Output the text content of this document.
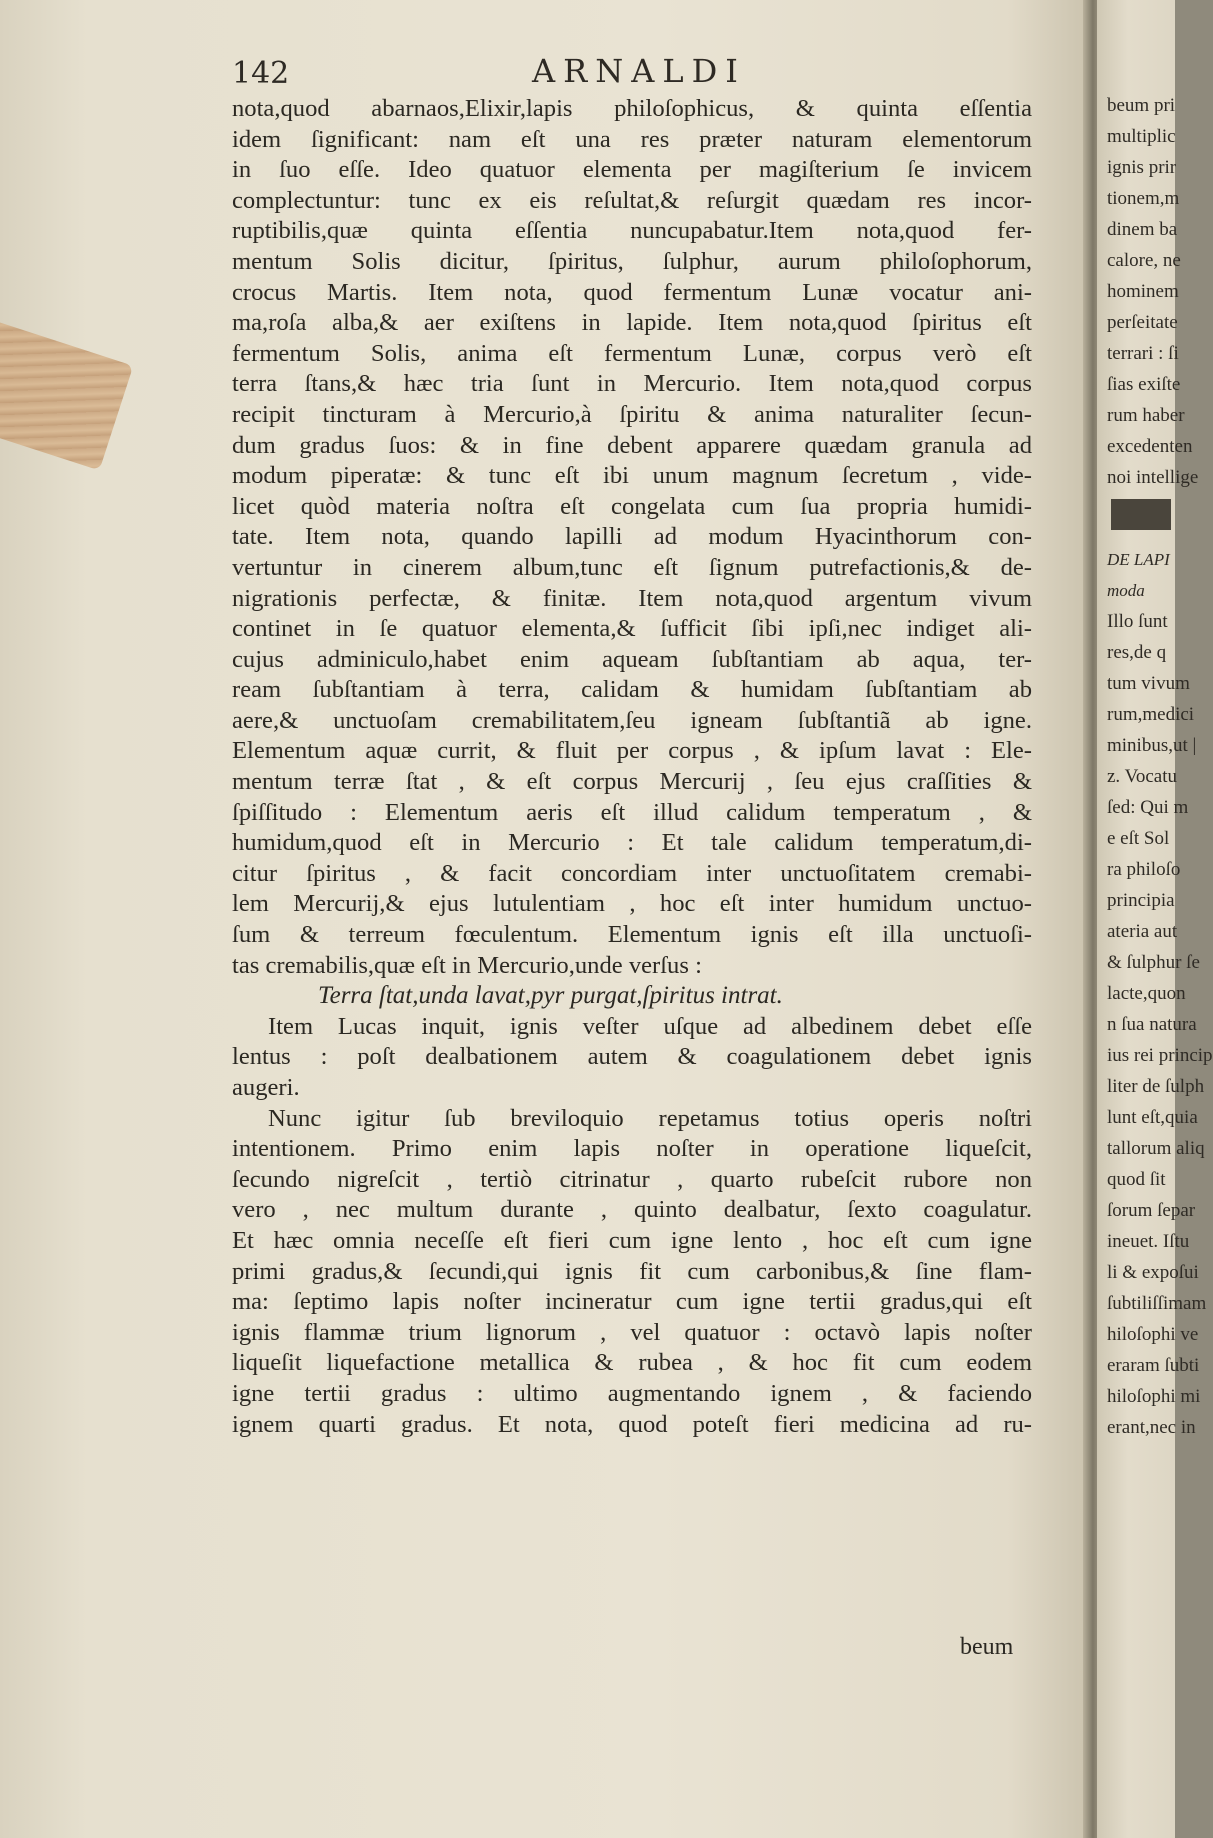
142	ARNALDI
nota,quod abarnaos,Elixir,lapis philoſophicus, & quinta eſſentia
idem ſignificant: nam eſt una res præter naturam elementorum
in ſuo eſſe. Ideo quatuor elementa per magiſterium ſe invicem
complectuntur: tunc ex eis reſultat,& reſurgit quædam res incor-
ruptibilis,quæ quinta eſſentia nuncupabatur.Item nota,quod fer-
mentum Solis dicitur, ſpiritus, ſulphur, aurum philoſophorum,
crocus Martis. Item nota, quod fermentum Lunæ vocatur ani-
ma,roſa alba,& aer exiſtens in lapide. Item nota,quod ſpiritus eſt
fermentum Solis, anima eſt fermentum Lunæ, corpus verò eſt
terra ſtans,& hæc tria ſunt in Mercurio. Item nota,quod corpus
recipit tincturam à Mercurio,à ſpiritu & anima naturaliter ſecun-
dum gradus ſuos: & in fine debent apparere quædam granula ad
modum piperatæ: & tunc eſt ibi unum magnum ſecretum , vide-
licet quòd materia noſtra eſt congelata cum ſua propria humidi-
tate. Item nota, quando lapilli ad modum Hyacinthorum con-
vertuntur in cinerem album,tunc eſt ſignum putrefactionis,& de-
nigrationis perfectæ, & finitæ. Item nota,quod argentum vivum
continet in ſe quatuor elementa,& ſufficit ſibi ipſi,nec indiget ali-
cujus adminiculo,habet enim aqueam ſubſtantiam ab aqua, ter-
ream ſubſtantiam à terra, calidam & humidam ſubſtantiam ab
aere,& unctuoſam cremabilitatem,ſeu igneam ſubſtantiã ab igne.
Elementum aquæ currit, & fluit per corpus , & ipſum lavat : Ele-
mentum terræ ſtat , & eſt corpus Mercurij , ſeu ejus craſſities &
ſpiſſitudo : Elementum aeris eſt illud calidum temperatum , &
humidum,quod eſt in Mercurio : Et tale calidum temperatum,di-
citur ſpiritus , & facit concordiam inter unctuoſitatem cremabi-
lem Mercurij,& ejus lutulentiam , hoc eſt inter humidum unctuo-
ſum & terreum fœculentum. Elementum ignis eſt illa unctuoſi-
tas cremabilis,quæ eſt in Mercurio,unde verſus :
Terra ſtat,unda lavat,pyr purgat,ſpiritus intrat.
Item Lucas inquit, ignis veſter uſque ad albedinem debet eſſe
lentus : poſt dealbationem autem & coagulationem debet ignis
augeri.
Nunc igitur ſub breviloquio repetamus totius operis noſtri
intentionem. Primo enim lapis noſter in operatione liqueſcit,
ſecundo nigreſcit , tertiò citrinatur , quarto rubeſcit rubore non
vero , nec multum durante , quinto dealbatur, ſexto coagulatur.
Et hæc omnia neceſſe eſt fieri cum igne lento , hoc eſt cum igne
primi gradus,& ſecundi,qui ignis fit cum carbonibus,& ſine flam-
ma: ſeptimo lapis noſter incineratur cum igne tertii gradus,qui eſt
ignis flammæ trium lignorum , vel quatuor : octavò lapis noſter
liqueſit liquefactione metallica & rubea , & hoc fit cum eodem
igne tertii gradus : ultimo augmentando ignem , & faciendo
ignem quarti gradus. Et nota, quod poteſt fieri medicina ad ru-
beum
beum pri
multiplic
ignis prir
tionem,m
dinem ba
calore, ne
hominem
perſeitate
terrari : ſi
ſias exiſte
rum haber
excedenten
noi intellige
DE LAPI
moda
Illo ſunt
res,de q
tum vivum
rum,medici
minibus,ut |
z. Vocatu
ſed: Qui m
e eſt Sol
ra philoſo
principia
ateria aut
& ſulphur ſe
lacte,quon
n ſua natura
ius rei princip
liter de ſulph
lunt eſt,quia
tallorum aliq
quod ſit
ſorum ſepar
ineuet. Iſtu
li & expoſui
ſubtiliſſimam
hiloſophi ve
eraram ſubti
hiloſophi mi
erant,nec in
